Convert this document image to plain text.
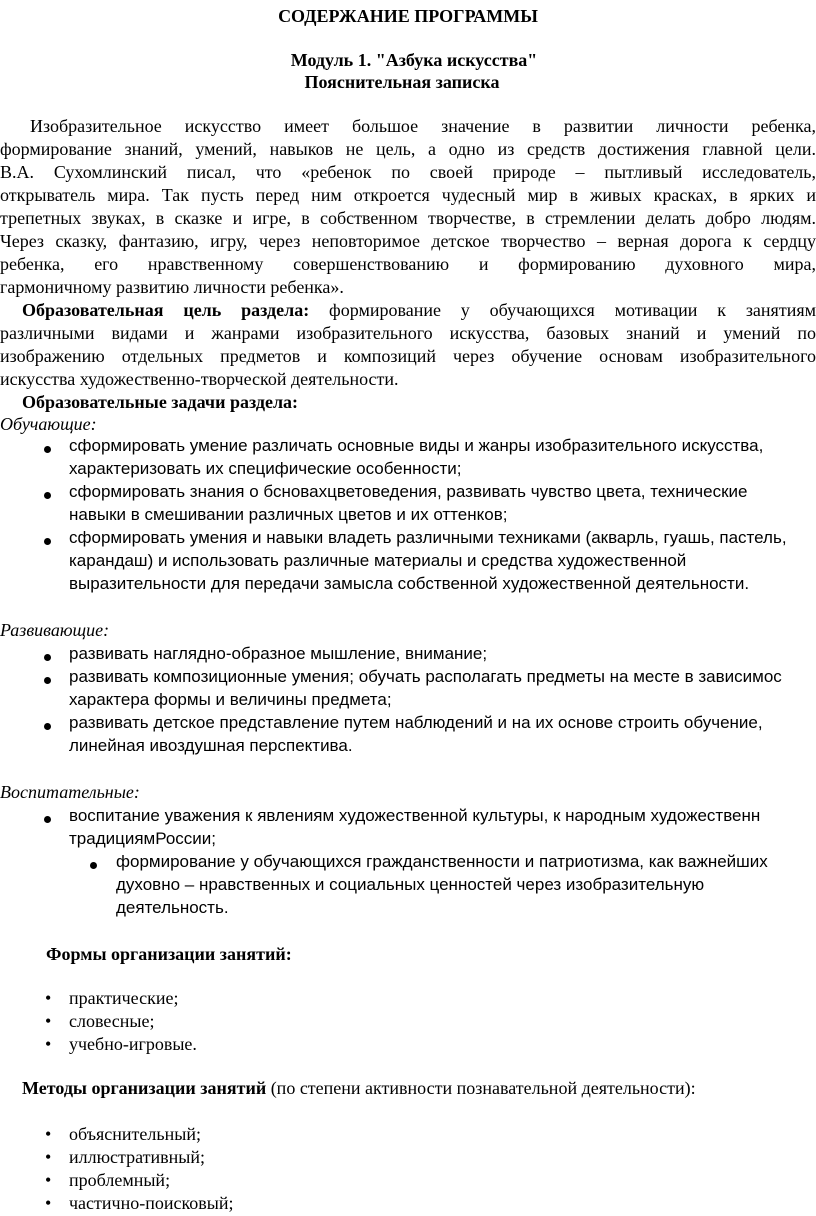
СОДЕРЖАНИЕ ПРОГРАММЫ
Модуль 1. "Азбука искусства"
Пояснительная записка
Изобразительное искусство имеет большое значение в развитии личности ребенка,
формирование знаний, умений, навыков не цель, а одно из средств достижения главной цели.
В.А. Сухомлинский писал, что «ребенок по своей природе – пытливый исследователь,
открыватель мира. Так пусть перед ним откроется чудесный мир в живых красках, в ярких и
трепетных звуках, в сказке и игре, в собственном творчестве, в стремлении делать добро людям.
Через сказку, фантазию, игру, через неповторимое детское творчество – верная дорога к сердцу
ребенка, его нравственному совершенствованию и формированию духовного мира,
гармоничному развитию личности ребенка».
Образовательная цель раздела: формирование у обучающихся мотивации к занятиям
различными видами и жанрами изобразительного искусства, базовых знаний и умений по
изображению отдельных предметов и композиций через обучение основам изобразительного
искусства художественно-творческой деятельности.
Образовательные задачи раздела:
Обучающие:
сформировать умение различать основные виды и жанры изобразительного искусства,
характеризовать их специфические особенности;
сформировать знания о бсновахцветоведения, развивать чувство цвета, технические
навыки в смешивании различных цветов и их оттенков;
сформировать умения и навыки владеть различными техниками (акварль, гуашь, пастель,
карандаш) и использовать различные материалы и средства художественной
выразительности для передачи замысла собственной художественной деятельности.
Развивающие:
развивать наглядно-образное мышление, внимание;
развивать композиционные умения; обучать располагать предметы на месте в зависимос
характера формы и величины предмета;
развивать детское представление путем наблюдений и на их основе строить обучение,
линейная ивоздушная перспектива.
Воспитательные:
воспитание уважения к явлениям художественной культуры, к народным художественн
традициямРоссии;
формирование у обучающихся гражданственности и патриотизма, как важнейших
духовно – нравственных и социальных ценностей через изобразительную
деятельность.
Формы организации занятий:
• практические;
• словесные;
• учебно-игровые.
Методы организации занятий (по степени активности познавательной деятельности):
• объяснительный;
• иллюстративный;
• проблемный;
• частично-поисковый;
